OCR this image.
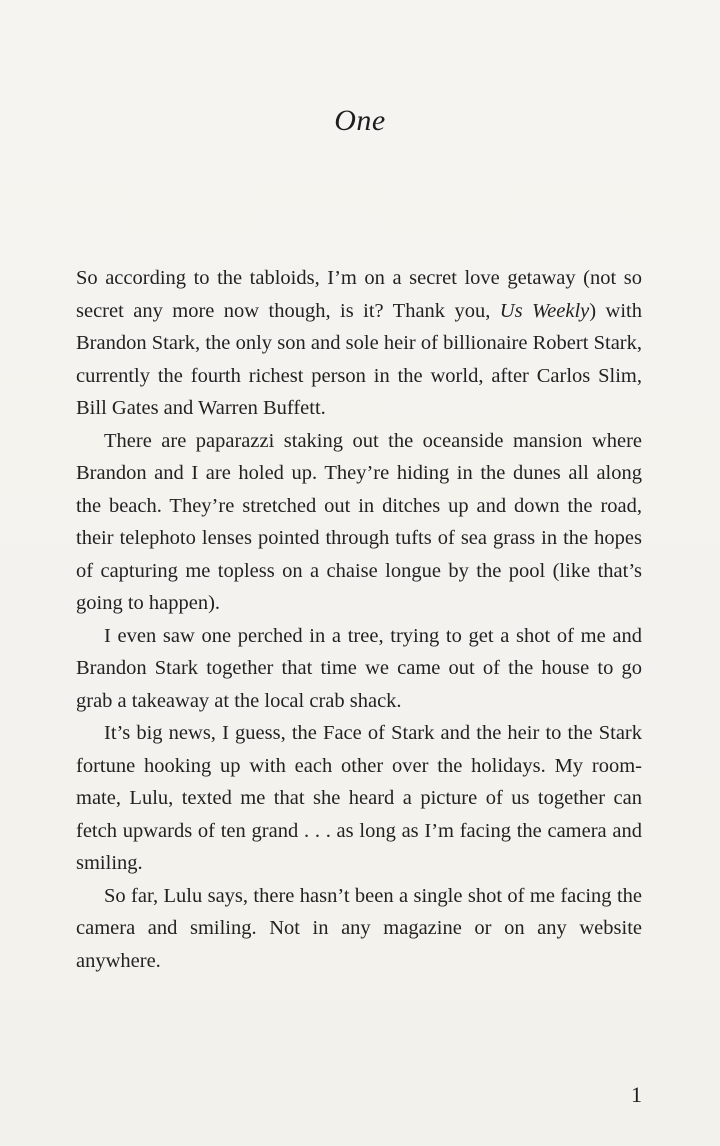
One

So according to the tabloids, I’m on a secret love getaway (not so secret any more now though, is it? Thank you, Us Weekly) with Brandon Stark, the only son and sole heir of billionaire Robert Stark, currently the fourth richest person in the world, after Carlos Slim, Bill Gates and Warren Buffett.

There are paparazzi staking out the oceanside mansion where Brandon and I are holed up. They’re hiding in the dunes all along the beach. They’re stretched out in ditches up and down the road, their telephoto lenses pointed through tufts of sea grass in the hopes of capturing me topless on a chaise longue by the pool (like that’s going to happen).

I even saw one perched in a tree, trying to get a shot of me and Brandon Stark together that time we came out of the house to go grab a takeaway at the local crab shack.

It’s big news, I guess, the Face of Stark and the heir to the Stark fortune hooking up with each other over the holidays. My room-mate, Lulu, texted me that she heard a picture of us together can fetch upwards of ten grand . . . as long as I’m facing the camera and smiling.

So far, Lulu says, there hasn’t been a single shot of me facing the camera and smiling. Not in any magazine or on any website anywhere.

1
